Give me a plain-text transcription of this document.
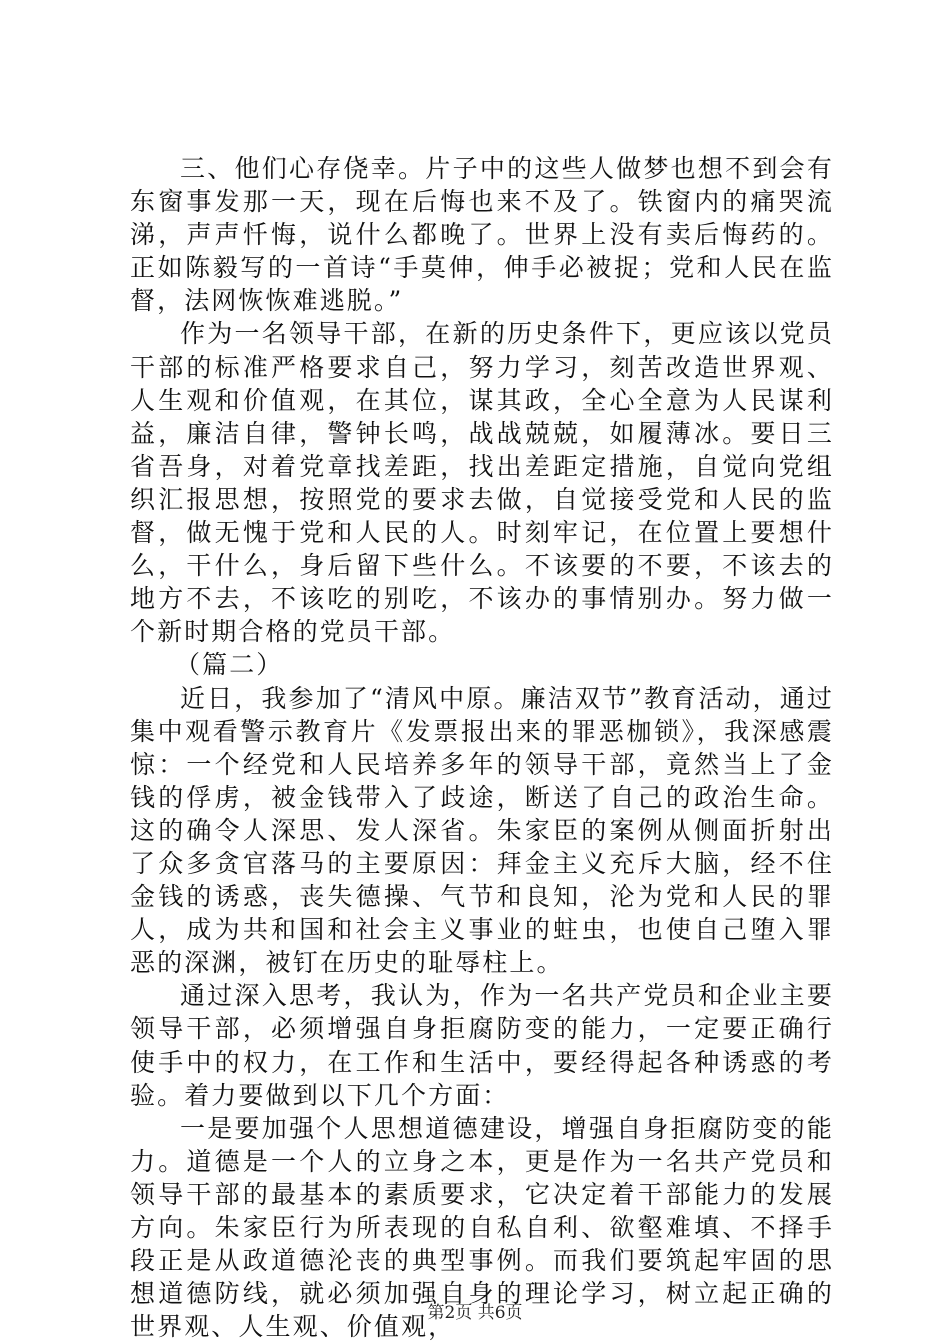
三、他们心存侥幸。片子中的这些人做梦也想不到会有东窗事发那一天，现在后悔也来不及了。铁窗内的痛哭流涕，声声忏悔，说什么都晚了。世界上没有卖后悔药的。正如陈毅写的一首诗“手莫伸，伸手必被捉；党和人民在监督，法网恢恢难逃脱。”

作为一名领导干部，在新的历史条件下，更应该以党员干部的标准严格要求自己，努力学习，刻苦改造世界观、人生观和价值观，在其位，谋其政，全心全意为人民谋利益，廉洁自律，警钟长鸣，战战兢兢，如履薄冰。要日三省吾身，对着党章找差距，找出差距定措施，自觉向党组织汇报思想，按照党的要求去做，自觉接受党和人民的监督，做无愧于党和人民的人。时刻牢记，在位置上要想什么，干什么，身后留下些什么。不该要的不要，不该去的地方不去，不该吃的别吃，不该办的事情别办。努力做一个新时期合格的党员干部。

（篇二）

近日，我参加了“清风中原。廉洁双节”教育活动，通过集中观看警示教育片《发票报出来的罪恶枷锁》，我深感震惊：一个经党和人民培养多年的领导干部，竟然当上了金钱的俘虏，被金钱带入了歧途，断送了自己的政治生命。这的确令人深思、发人深省。朱家臣的案例从侧面折射出了众多贪官落马的主要原因：拜金主义充斥大脑，经不住金钱的诱惑，丧失德操、气节和良知，沦为党和人民的罪人，成为共和国和社会主义事业的蛀虫，也使自己堕入罪恶的深渊，被钉在历史的耻辱柱上。

通过深入思考，我认为，作为一名共产党员和企业主要领导干部，必须增强自身拒腐防变的能力，一定要正确行使手中的权力，在工作和生活中，要经得起各种诱惑的考验。着力要做到以下几个方面：

一是要加强个人思想道德建设，增强自身拒腐防变的能力。道德是一个人的立身之本，更是作为一名共产党员和领导干部的最基本的素质要求，它决定着干部能力的发展方向。朱家臣行为所表现的自私自利、欲壑难填、不择手段正是从政道德沦丧的典型事例。而我们要筑起牢固的思想道德防线，就必须加强自身的理论学习，树立起正确的世界观、人生观、价值观，

第2页 共6页
